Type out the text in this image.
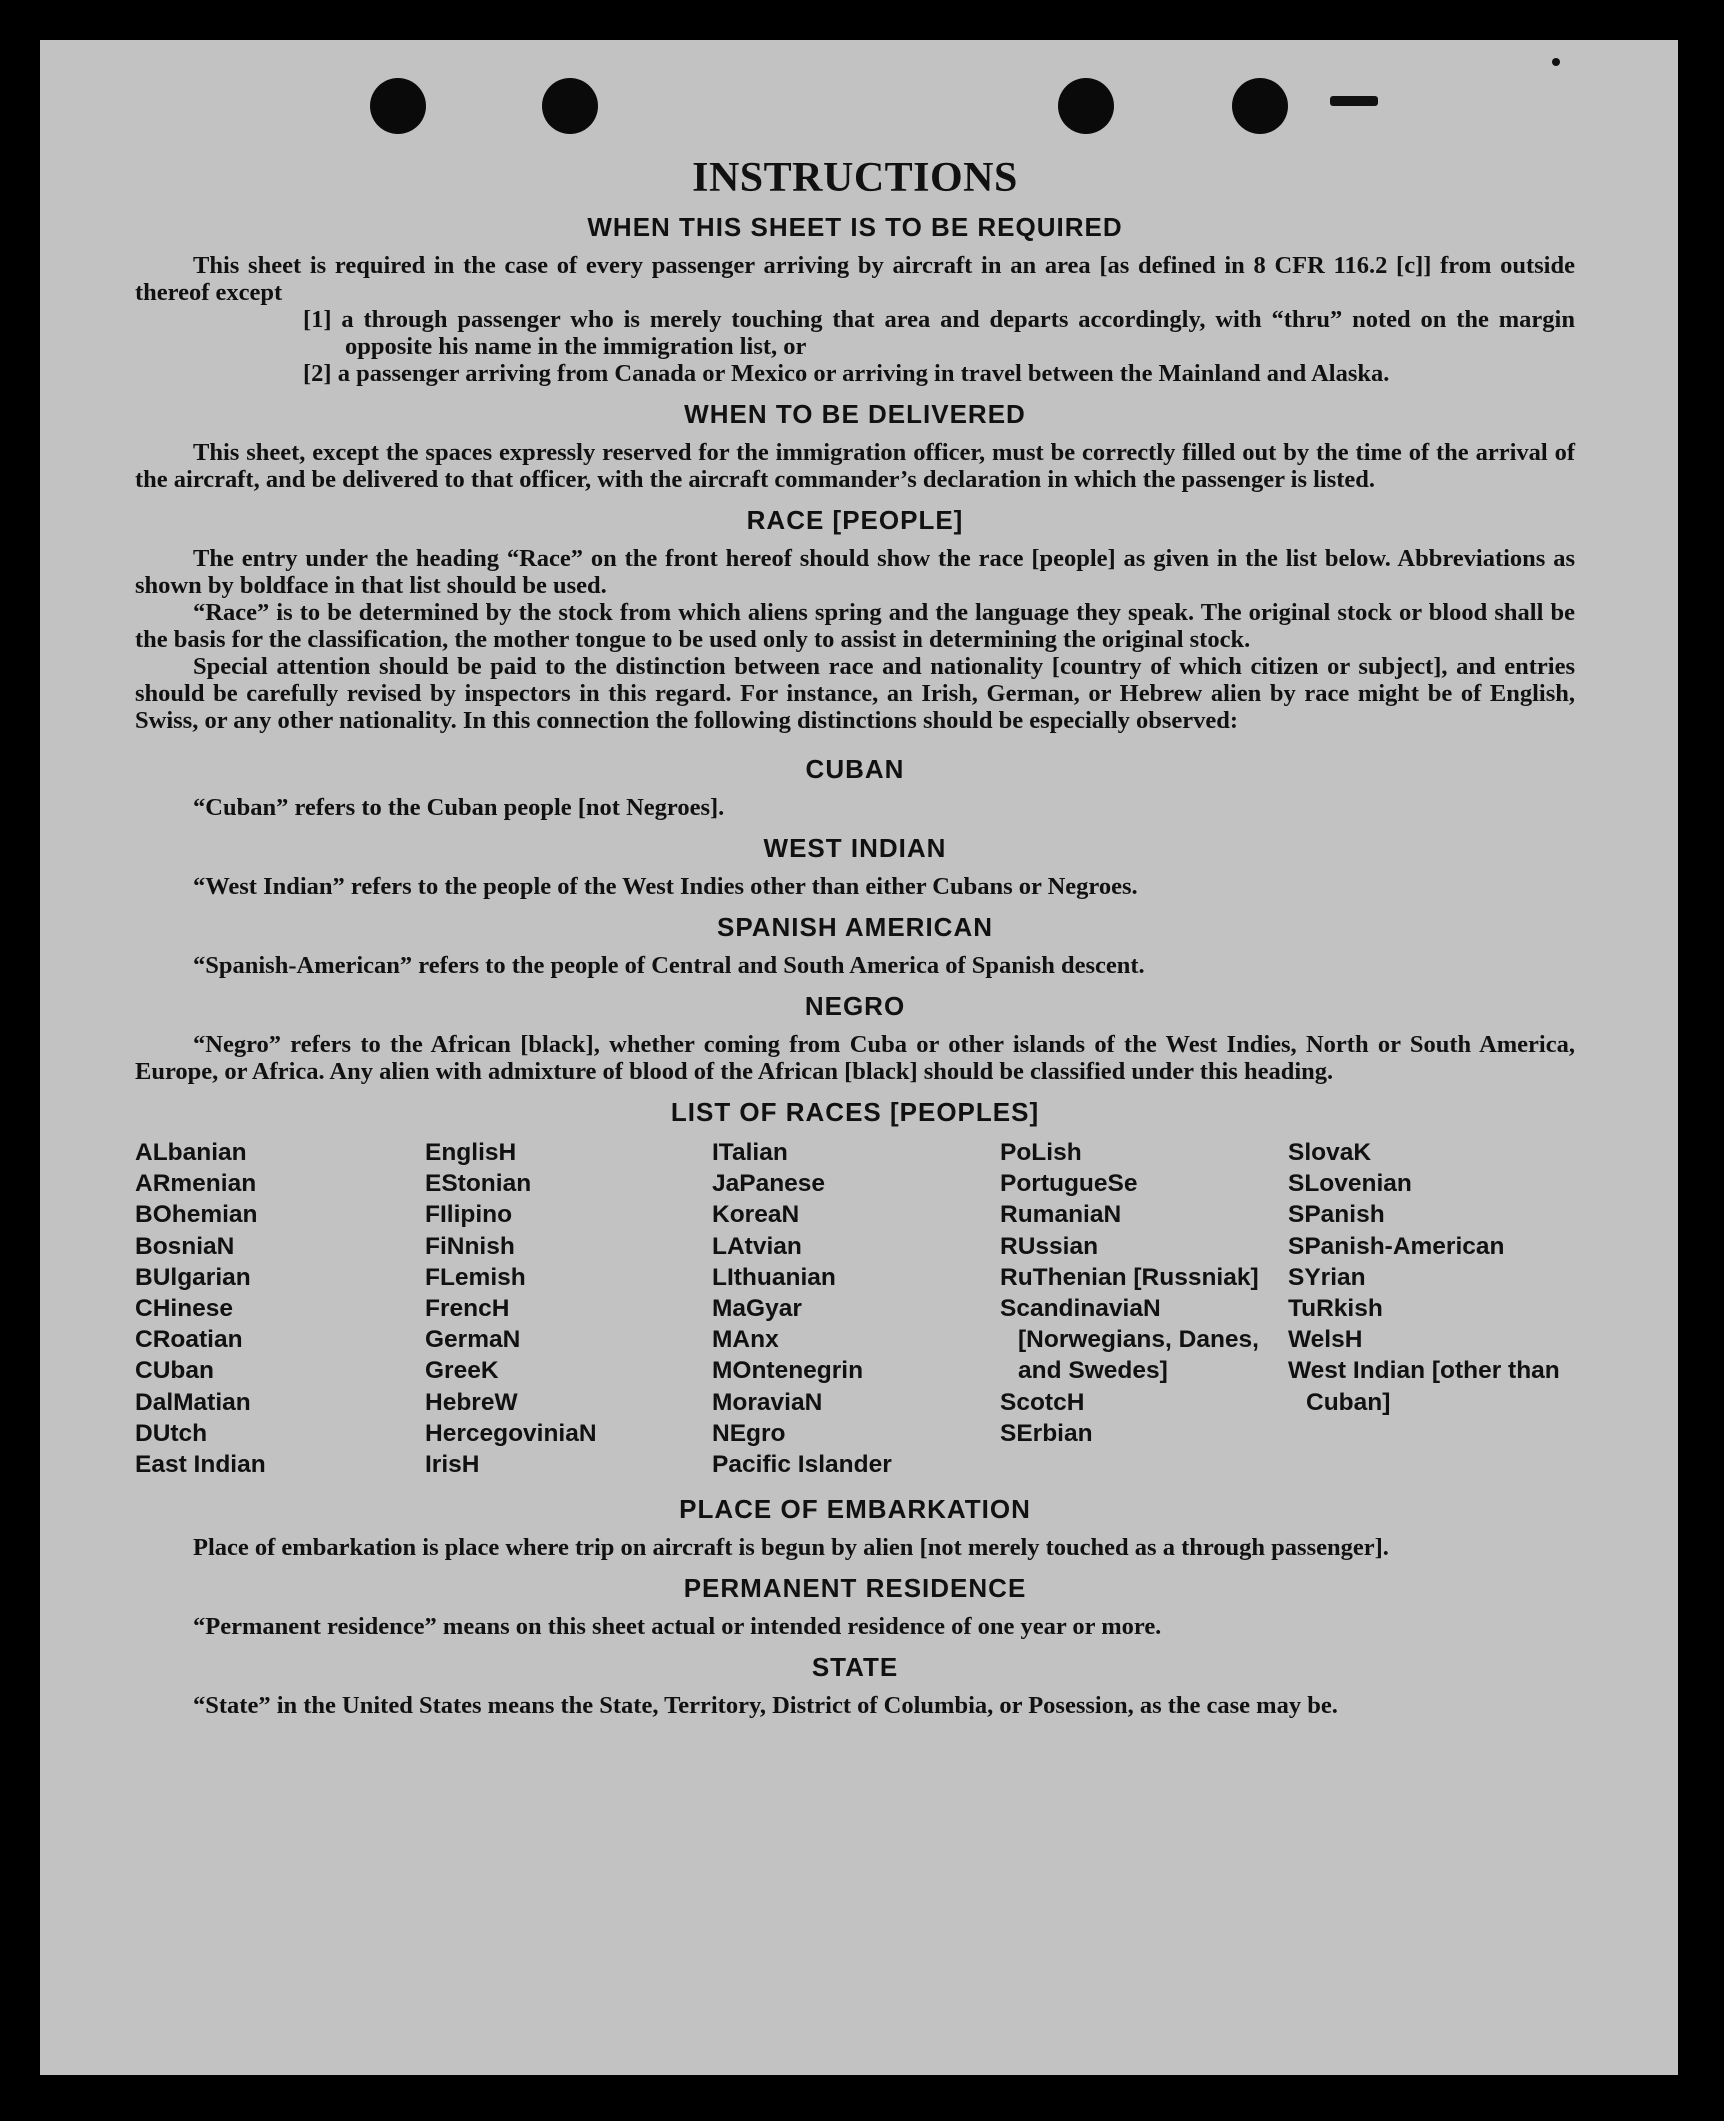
INSTRUCTIONS
WHEN THIS SHEET IS TO BE REQUIRED

This sheet is required in the case of every passenger arriving by aircraft in an area [as defined in 8 CFR 116.2 [c]] from outside thereof except

[1] a through passenger who is merely touching that area and departs accordingly, with “thru” noted on the margin opposite his name in the immigration list, or

[2] a passenger arriving from Canada or Mexico or arriving in travel between the Mainland and Alaska.

WHEN TO BE DELIVERED

This sheet, except the spaces expressly reserved for the immigration officer, must be correctly filled out by the time of the arrival of the aircraft, and be delivered to that officer, with the aircraft commander’s declaration in which the passenger is listed.

RACE [PEOPLE]

The entry under the heading “Race” on the front hereof should show the race [people] as given in the list below. Abbreviations as shown by boldface in that list should be used.

“Race” is to be determined by the stock from which aliens spring and the language they speak. The original stock or blood shall be the basis for the classification, the mother tongue to be used only to assist in determining the original stock.

Special attention should be paid to the distinction between race and nationality [country of which citizen or subject], and entries should be carefully revised by inspectors in this regard. For instance, an Irish, German, or Hebrew alien by race might be of English, Swiss, or any other nationality. In this connection the following distinctions should be especially observed:

CUBAN

“Cuban” refers to the Cuban people [not Negroes].

WEST INDIAN

“West Indian” refers to the people of the West Indies other than either Cubans or Negroes.

SPANISH AMERICAN

“Spanish-American” refers to the people of Central and South America of Spanish descent.

NEGRO

“Negro” refers to the African [black], whether coming from Cuba or other islands of the West Indies, North or South America, Europe, or Africa. Any alien with admixture of blood of the African [black] should be classified under this heading.

LIST OF RACES [PEOPLES]
ALbanian
ARmenian
BOhemian
BosniaN
BUlgarian
CHinese
CRoatian
CUban
DalMatian
DUtch
East Indian
EnglisH
EStonian
FIlipino
FiNnish
FLemish
FrencH
GermaN
GreeK
HebreW
HercegoviniaN
IrisH
ITalian
JaPanese
KoreaN
LAtvian
LIthuanian
MaGyar
MAnx
MOntenegrin
MoraviaN
NEgro
Pacific Islander
PoLish
PortugueSe
RumaniaN
RUssian
RuThenian [Russniak]
ScandinaviaN [Norwegians, Danes, and Swedes]
ScotcH
SErbian
SlovaK
SLovenian
SPanish
SPanish-American
SYrian
TuRkish
WelsH
West Indian [other than Cuban]
PLACE OF EMBARKATION

Place of embarkation is place where trip on aircraft is begun by alien [not merely touched as a through passenger].

PERMANENT RESIDENCE

“Permanent residence” means on this sheet actual or intended residence of one year or more.

STATE

“State” in the United States means the State, Territory, District of Columbia, or Posession, as the case may be.
